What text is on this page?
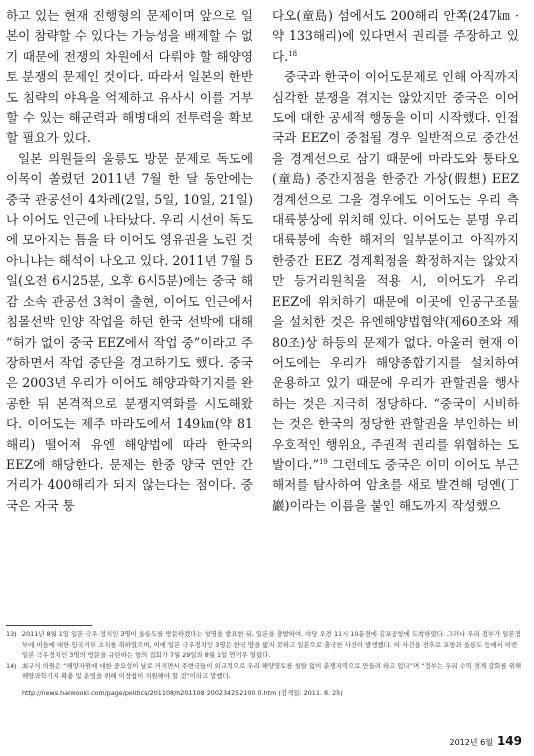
하고 있는 현재 진행형의 문제이며 앞으로 일본이 참략할 수 있다는 가능성을 배제할 수 없기 때문에 전쟁의 차원에서 다뤄야 할 해양영토 분쟁의 문제인 것이다. 따라서 일본의 한반도 침략의 야욕을 억제하고 유사시 이를 거부할 수 있는 해군력과 해병대의 전투력을 확보할 필요가 있다.

일본 의원들의 울릉도 방문 문제로 독도에 이목이 쏠렸던 2011년 7월 한 달 동안에는 중국 관공선이 4차례(2일, 5일, 10일, 21일)나 이어도 인근에 나타났다. 우리 시선이 독도에 모아지는 틈을 타 이어도 영유권을 노린 것 아니냐는 해석이 나오고 있다. 2011년 7월 5일(오전 6시25분, 오후 6시5분)에는 중국 해감 소속 관공선 3척이 출현, 이어도 인근에서 침몰선박 인양 작업을 하던 한국 선박에 대해 “허가 없이 중국 EEZ에서 작업 중”이라고 주장하면서 작업 중단을 경고하기도 했다. 중국은 2003년 우리가 이어도 해양과학기지를 완공한 뒤 본격적으로 분쟁지역화를 시도해왔다. 이어도는 제주 마라도에서 149㎞(약 81해리) 떨어져 유엔 해양법에 따라 한국의 EEZ에 해당한다. 문제는 한중 양국 연안 간 거리가 400해리가 되지 않는다는 점이다. 중국은 자국 퉁

다오(童島) 섬에서도 200해리 안쪽(247㎞ · 약 133해리)에 있다면서 권리를 주장하고 있다.$^{18}$

중국과 한국이 이어도문제로 인해 아직까지 심각한 분쟁을 겪지는 않았지만 중국은 이어도에 대한 공세적 행동을 이미 시작했다. 인접국과 EEZ이 중첩될 경우 일반적으로 중간선을 경계선으로 삼기 때문에 마라도와 퉁타오(童島) 중간지점을 한중간 가상(假想) EEZ 경계선으로 그을 경우에도 이어도는 우리 측 대륙붕상에 위치해 있다. 이어도는 분명 우리 대륙붕에 속한 해저의 일부분이고 아직까지 한중간 EEZ 경계획정을 확정하지는 않았지만 등거리원칙을 적용 시, 이어도가 우리 EEZ에 위치하기 때문에 이곳에 인공구조물을 설치한 것은 유엔해양법협약(제60조와 제80조)상 하등의 문제가 없다. 아울러 현재 이어도에는 우리가 해양종합기지를 설치하여 운용하고 있기 때문에 우리가 관할권을 행사하는 것은 지극히 정당하다. “중국이 시비하는 것은 한국의 정당한 관할권을 부인하는 비우호적인 행위요, 주권적 권리를 위협하는 도발이다.”$^{19}$ 그런데도 중국은 이미 이어도 부근해저를 탐사하여 암초를 새로 발견해 덩옌(丁巖)이라는 이름을 붙인 해도까지 작성했으

13) 2011년 8월 1일 일본 극우 정치인 3명이 울릉도를 방문하겠다는 성명을 발표한 뒤, 일본을 출발하여, 야당 오전 11시 10분경에 김포공항에 도착하였다. 그러나 우리 정부가 일본정부에 이들에 대한 입국거부 조치를 취하였으며, 이에 일본 극우정치인 3명은 한국 땅을 밟지 못하고 일본으로 출국한 사건이 발생했다. 이 사건을 전후로 포항과 울릉도 등에서 이번 일본 극우정치인 3명의 방문을 규탄하는 항의 집회가 7월 29일과 8월 1일 연거푸 열렸다.

14) 최구식 의원은 “해양자원에 대한 중요성이 날로 커지면서 주변국들이 외교적으로 우리 해양영토를 침탈 없이 분쟁지역으로 만들려 하고 있다”며 “정부는 우리 수역 경계 강화를 위해 해양과학기지 확충 및 운영을 위해 이정쉽이 지원해야 할 것”이라고 말했다.

http://news.hankooki.com/page/politics/201108/h201108 200234252100 0.htm (검색일: 2011. 8. 25)

2012년 6월 149
